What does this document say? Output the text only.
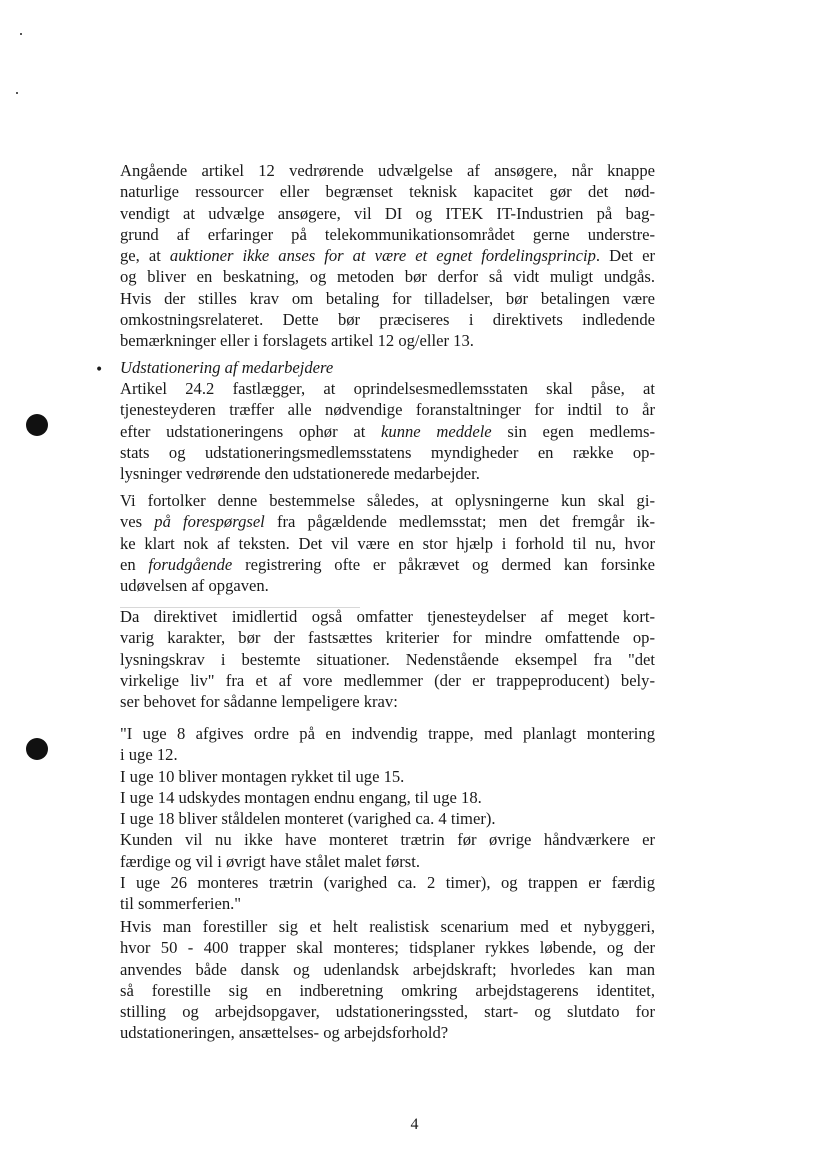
Angående artikel 12 vedrørende udvælgelse af ansøgere, når knappe
naturlige ressourcer eller begrænset teknisk kapacitet gør det nød-
vendigt at udvælge ansøgere, vil DI og ITEK IT-Industrien på bag-
grund af erfaringer på telekommunikationsområdet gerne understre-
ge, at auktioner ikke anses for at være et egnet fordelingsprincip. Det er
og bliver en beskatning, og metoden bør derfor så vidt muligt undgås.
Hvis der stilles krav om betaling for tilladelser, bør betalingen være
omkostningsrelateret. Dette bør præciseres i direktivets indledende
bemærkninger eller i forslagets artikel 12 og/eller 13.
• Udstationering af medarbejdere
Artikel 24.2 fastlægger, at oprindelsesmedlemsstaten skal påse, at
tjenesteyderen træffer alle nødvendige foranstaltninger for indtil to år
efter udstationeringens ophør at kunne meddele sin egen medlems-
stats og udstationeringsmedlemsstatens myndigheder en række op-
lysninger vedrørende den udstationerede medarbejder.
Vi fortolker denne bestemmelse således, at oplysningerne kun skal gi-
ves på forespørgsel fra pågældende medlemsstat; men det fremgår ik-
ke klart nok af teksten. Det vil være en stor hjælp i forhold til nu, hvor
en forudgående registrering ofte er påkrævet og dermed kan forsinke
udøvelsen af opgaven.
Da direktivet imidlertid også omfatter tjenesteydelser af meget kort-
varig karakter, bør der fastsættes kriterier for mindre omfattende op-
lysningskrav i bestemte situationer. Nedenstående eksempel fra "det
virkelige liv" fra et af vore medlemmer (der er trappeproducent) bely-
ser behovet for sådanne lempeligere krav:
"I uge 8 afgives ordre på en indvendig trappe, med planlagt montering
i uge 12.
I uge 10 bliver montagen rykket til uge 15.
I uge 14 udskydes montagen endnu engang, til uge 18.
I uge 18 bliver ståldelen monteret (varighed ca. 4 timer).
Kunden vil nu ikke have monteret trætrin før øvrige håndværkere er
færdige og vil i øvrigt have stålet malet først.
I uge 26 monteres trætrin (varighed ca. 2 timer), og trappen er færdig
til sommerferien."
Hvis man forestiller sig et helt realistisk scenarium med et nybyggeri,
hvor 50 - 400 trapper skal monteres; tidsplaner rykkes løbende, og der
anvendes både dansk og udenlandsk arbejdskraft; hvorledes kan man
så forestille sig en indberetning omkring arbejdstagerens identitet,
stilling og arbejdsopgaver, udstationeringssted, start- og slutdato for
udstationeringen, ansættelses- og arbejdsforhold?
4
